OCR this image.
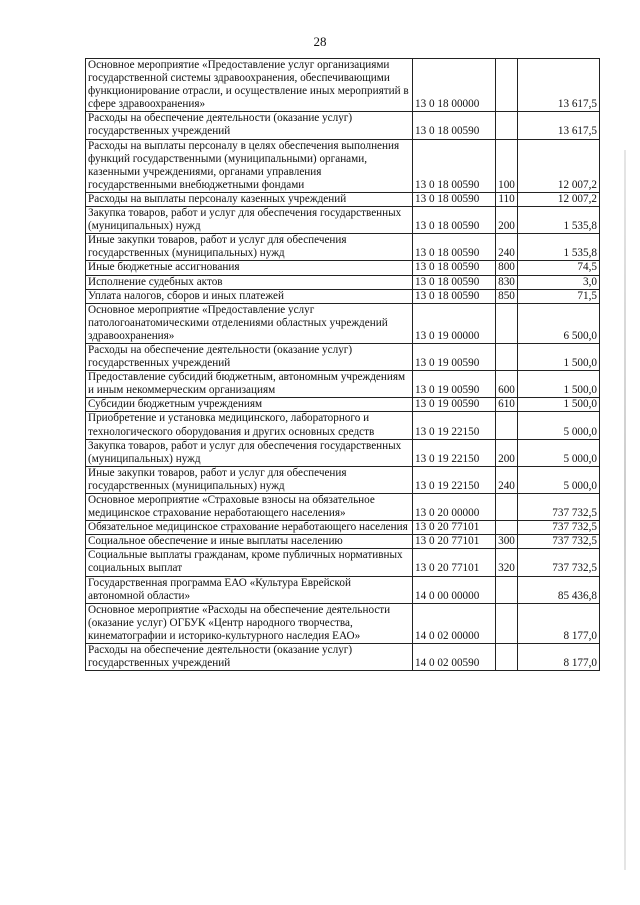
28
Основное мероприятие «Предоставление услуг организациями государственной системы здравоохранения, обеспечивающими функционирование отрасли, и осуществление иных мероприятий в сфере здравоохранения»	13 0 18 00000		13 617,5
Расходы на обеспечение деятельности (оказание услуг) государственных учреждений	13 0 18 00590		13 617,5
Расходы на выплаты персоналу в целях обеспечения выполнения функций государственными (муниципальными) органами, казенными учреждениями, органами управления государственными внебюджетными фондами	13 0 18 00590	100	12 007,2
Расходы на выплаты персоналу казенных учреждений	13 0 18 00590	110	12 007,2
Закупка товаров, работ и услуг для обеспечения государственных (муниципальных) нужд	13 0 18 00590	200	1 535,8
Иные закупки товаров, работ и услуг для обеспечения государственных (муниципальных) нужд	13 0 18 00590	240	1 535,8
Иные бюджетные ассигнования	13 0 18 00590	800	74,5
Исполнение судебных актов	13 0 18 00590	830	3,0
Уплата налогов, сборов и иных платежей	13 0 18 00590	850	71,5
Основное мероприятие «Предоставление услуг патологоанатомическими отделениями областных учреждений здравоохранения»	13 0 19 00000		6 500,0
Расходы на обеспечение деятельности (оказание услуг) государственных учреждений	13 0 19 00590		1 500,0
Предоставление субсидий бюджетным, автономным учреждениям и иным некоммерческим организациям	13 0 19 00590	600	1 500,0
Субсидии бюджетным учреждениям	13 0 19 00590	610	1 500,0
Приобретение и установка медицинского, лабораторного и технологического оборудования и других основных средств	13 0 19 22150		5 000,0
Закупка товаров, работ и услуг для обеспечения государственных (муниципальных) нужд	13 0 19 22150	200	5 000,0
Иные закупки товаров, работ и услуг для обеспечения государственных (муниципальных) нужд	13 0 19 22150	240	5 000,0
Основное мероприятие «Страховые взносы на обязательное медицинское страхование неработающего населения»	13 0 20 00000		737 732,5
Обязательное медицинское страхование неработающего населения	13 0 20 77101		737 732,5
Социальное обеспечение и иные выплаты населению	13 0 20 77101	300	737 732,5
Социальные выплаты гражданам, кроме публичных нормативных социальных выплат	13 0 20 77101	320	737 732,5
Государственная программа ЕАО «Культура Еврейской автономной области»	14 0 00 00000		85 436,8
Основное мероприятие «Расходы на обеспечение деятельности (оказание услуг) ОГБУК «Центр народного творчества, кинематографии и историко-культурного наследия ЕАО»	14 0 02 00000		8 177,0
Расходы на обеспечение деятельности (оказание услуг) государственных учреждений	14 0 02 00590		8 177,0
